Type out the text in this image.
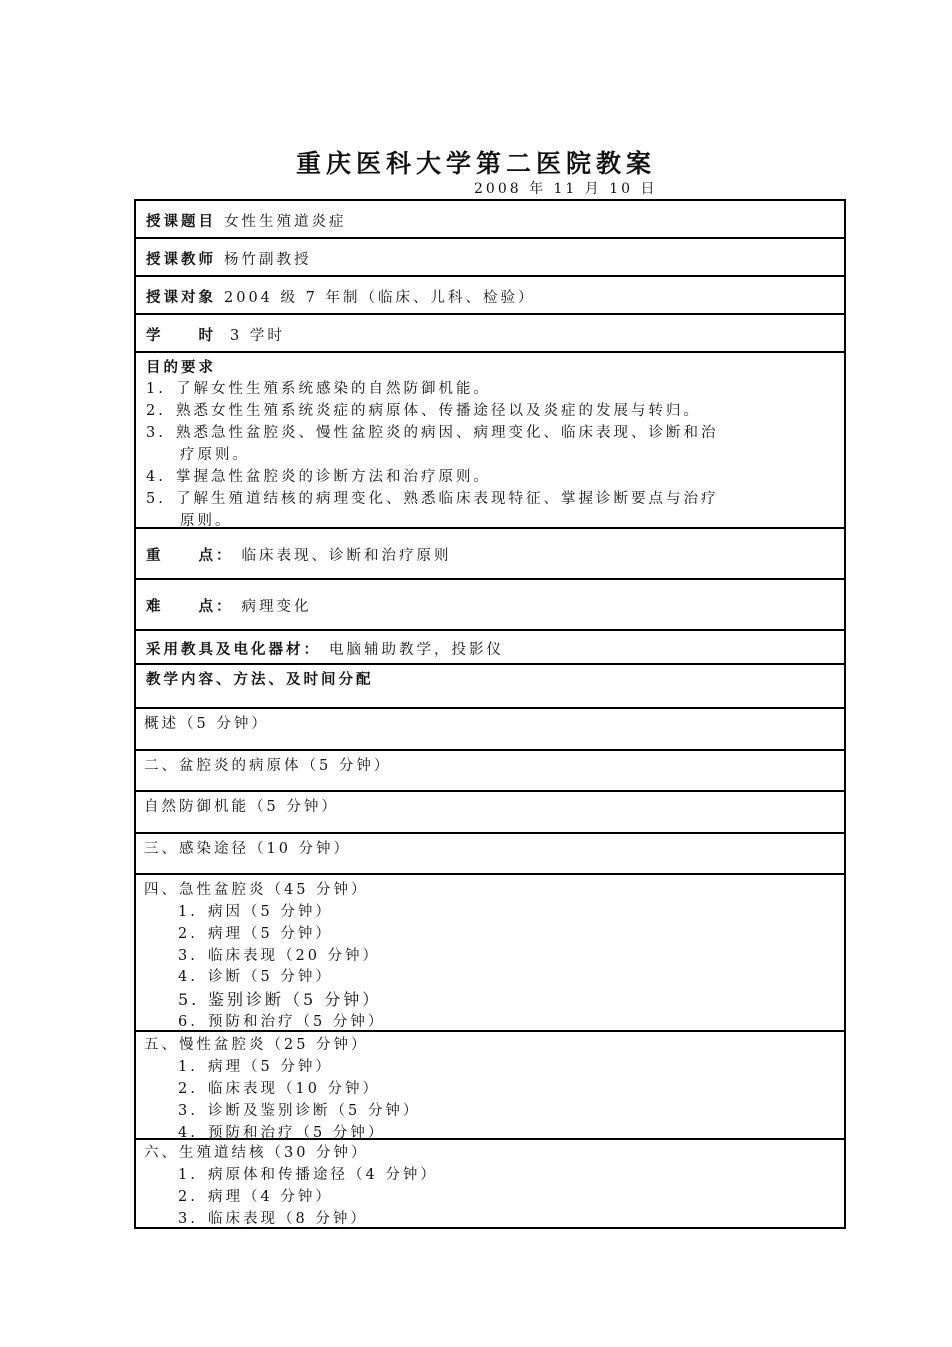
重庆医科大学第二医院教案
2008 年 11 月 10 日
授课题目 女性生殖道炎症
授课教师 杨竹副教授
授课对象 2004 级 7 年制（临床、儿科、检验）
学　　时 3 学时
目的要求
1. 了解女性生殖系统感染的自然防御机能。
2. 熟悉女性生殖系统炎症的病原体、传播途径以及炎症的发展与转归。
3. 熟悉急性盆腔炎、慢性盆腔炎的病因、病理变化、临床表现、诊断和治
疗原则。
4. 掌握急性盆腔炎的诊断方法和治疗原则。
5. 了解生殖道结核的病理变化、熟悉临床表现特征、掌握诊断要点与治疗
原则。
重　　点： 临床表现、诊断和治疗原则
难　　点： 病理变化
采用教具及电化器材： 电脑辅助教学，投影仪
教学内容、方法、及时间分配
概述（5 分钟）
二、盆腔炎的病原体（5 分钟）
自然防御机能（5 分钟）
三、感染途径（10 分钟）
四、急性盆腔炎（45 分钟）
1. 病因（5 分钟）
2. 病理（5 分钟）
3. 临床表现（20 分钟）
4. 诊断（5 分钟）
5. 鉴别诊断（5 分钟）
6. 预防和治疗（5 分钟）
五、慢性盆腔炎（25 分钟）
1. 病理（5 分钟）
2. 临床表现（10 分钟）
3. 诊断及鉴别诊断（5 分钟）
4. 预防和治疗（5 分钟）
六、生殖道结核（30 分钟）
1. 病原体和传播途径（4 分钟）
2. 病理（4 分钟）
3. 临床表现（8 分钟）
